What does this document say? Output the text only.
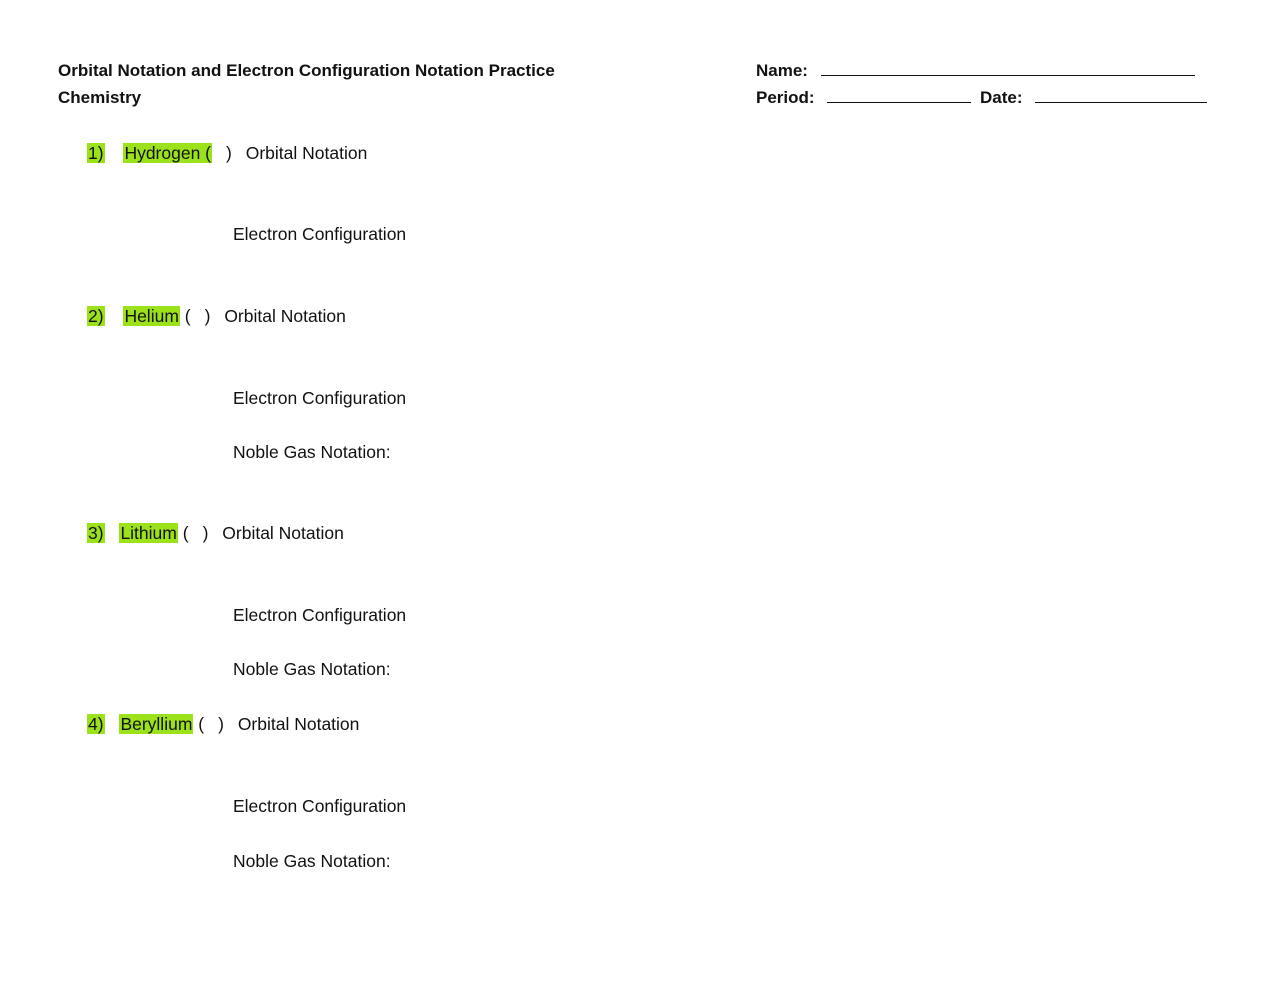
Orbital Notation and Electron Configuration Notation Practice
Chemistry
Name:
Period:	Date:
1) Hydrogen ( ) Orbital Notation
Electron Configuration
2) Helium ( ) Orbital Notation
Electron Configuration
Noble Gas Notation:
3) Lithium ( ) Orbital Notation
Electron Configuration
Noble Gas Notation:
4) Beryllium ( ) Orbital Notation
Electron Configuration
Noble Gas Notation:
